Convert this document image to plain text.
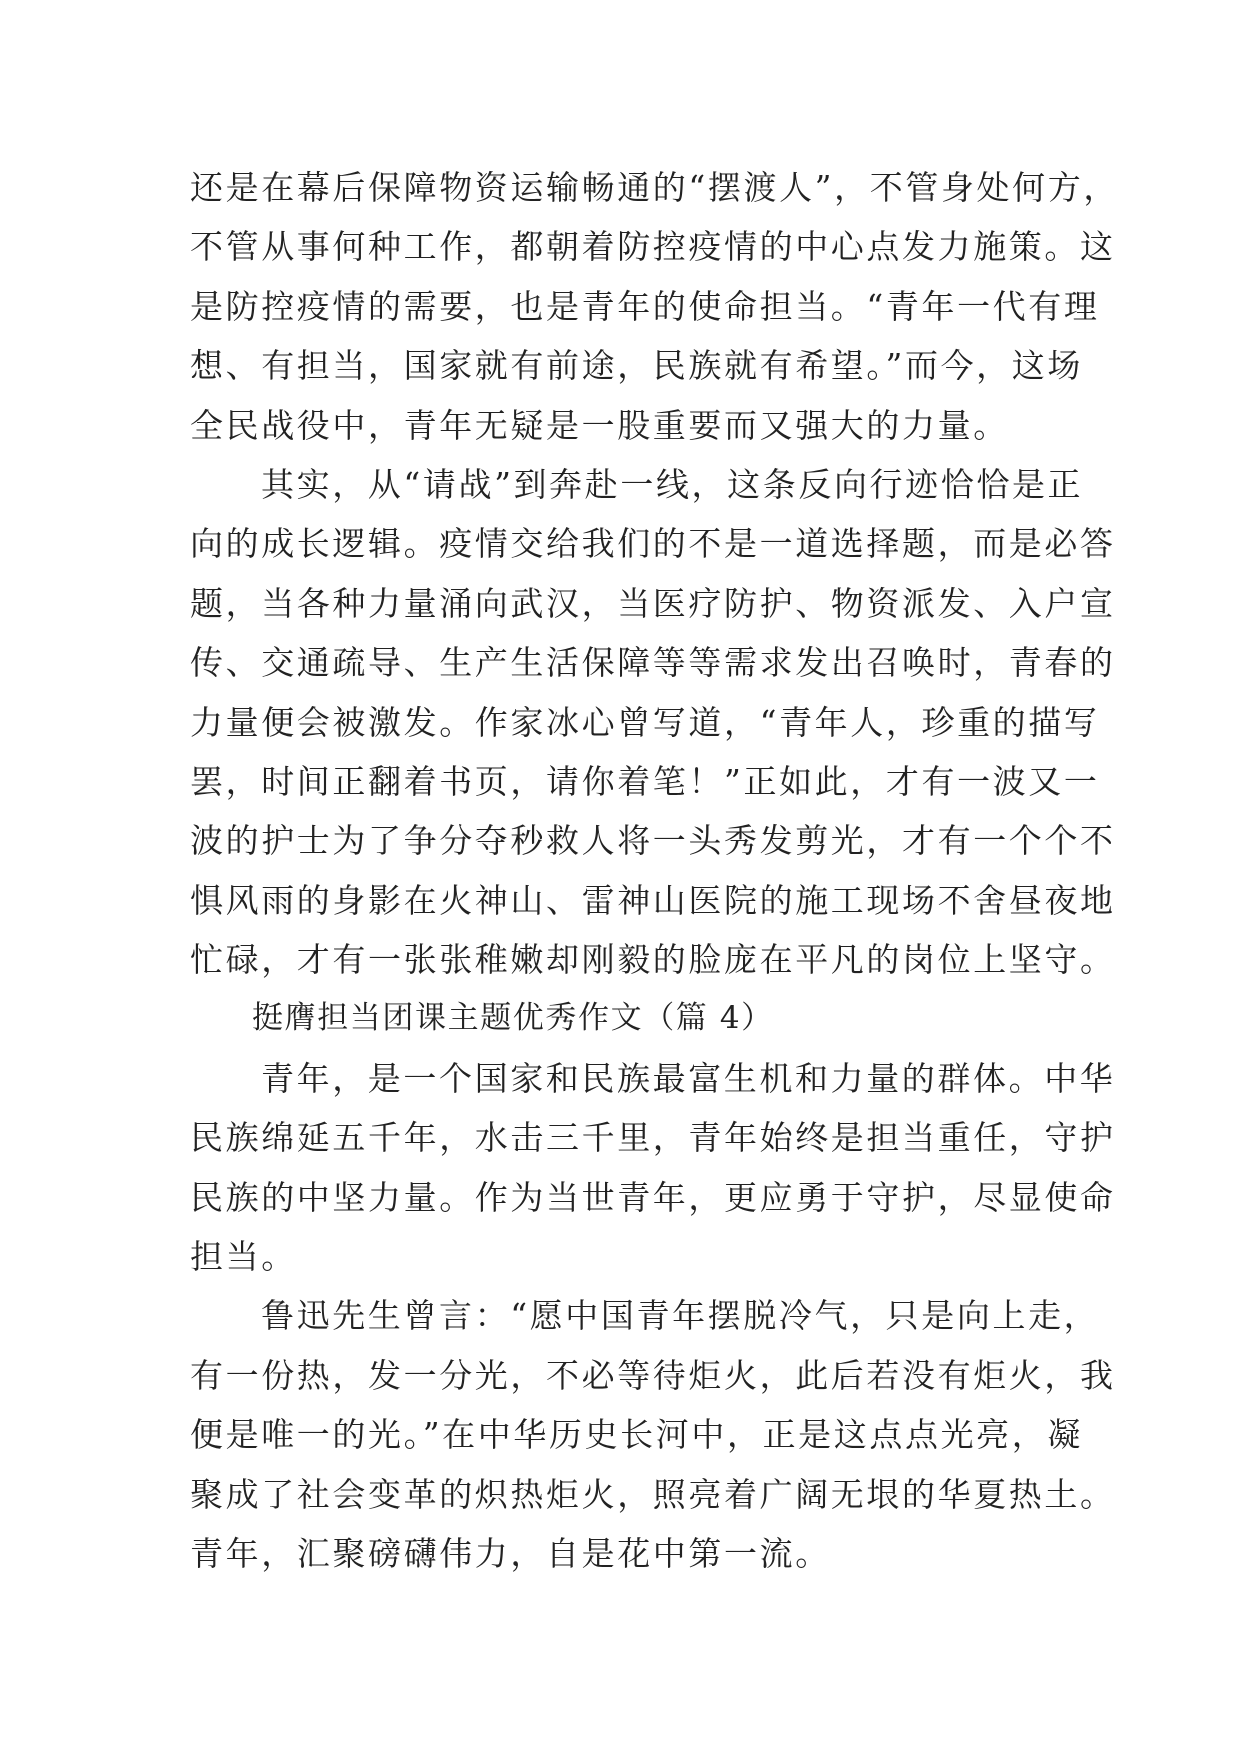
还是在幕后保障物资运输畅通的“摆渡人”，不管身处何方，
不管从事何种工作，都朝着防控疫情的中心点发力施策。这
是防控疫情的需要，也是青年的使命担当。“青年一代有理
想、有担当，国家就有前途，民族就有希望。”而今，这场
全民战役中，青年无疑是一股重要而又强大的力量。
其实，从“请战”到奔赴一线，这条反向行迹恰恰是正
向的成长逻辑。疫情交给我们的不是一道选择题，而是必答
题，当各种力量涌向武汉，当医疗防护、物资派发、入户宣
传、交通疏导、生产生活保障等等需求发出召唤时，青春的
力量便会被激发。作家冰心曾写道，“青年人，珍重的描写
罢，时间正翻着书页，请你着笔！”正如此，才有一波又一
波的护士为了争分夺秒救人将一头秀发剪光，才有一个个不
惧风雨的身影在火神山、雷神山医院的施工现场不舍昼夜地
忙碌，才有一张张稚嫩却刚毅的脸庞在平凡的岗位上坚守。
挺膺担当团课主题优秀作文（篇 4）
青年，是一个国家和民族最富生机和力量的群体。中华
民族绵延五千年，水击三千里，青年始终是担当重任，守护
民族的中坚力量。作为当世青年，更应勇于守护，尽显使命
担当。
鲁迅先生曾言：“愿中国青年摆脱冷气，只是向上走，
有一份热，发一分光，不必等待炬火，此后若没有炬火，我
便是唯一的光。”在中华历史长河中，正是这点点光亮，凝
聚成了社会变革的炽热炬火，照亮着广阔无垠的华夏热土。
青年，汇聚磅礴伟力，自是花中第一流。
